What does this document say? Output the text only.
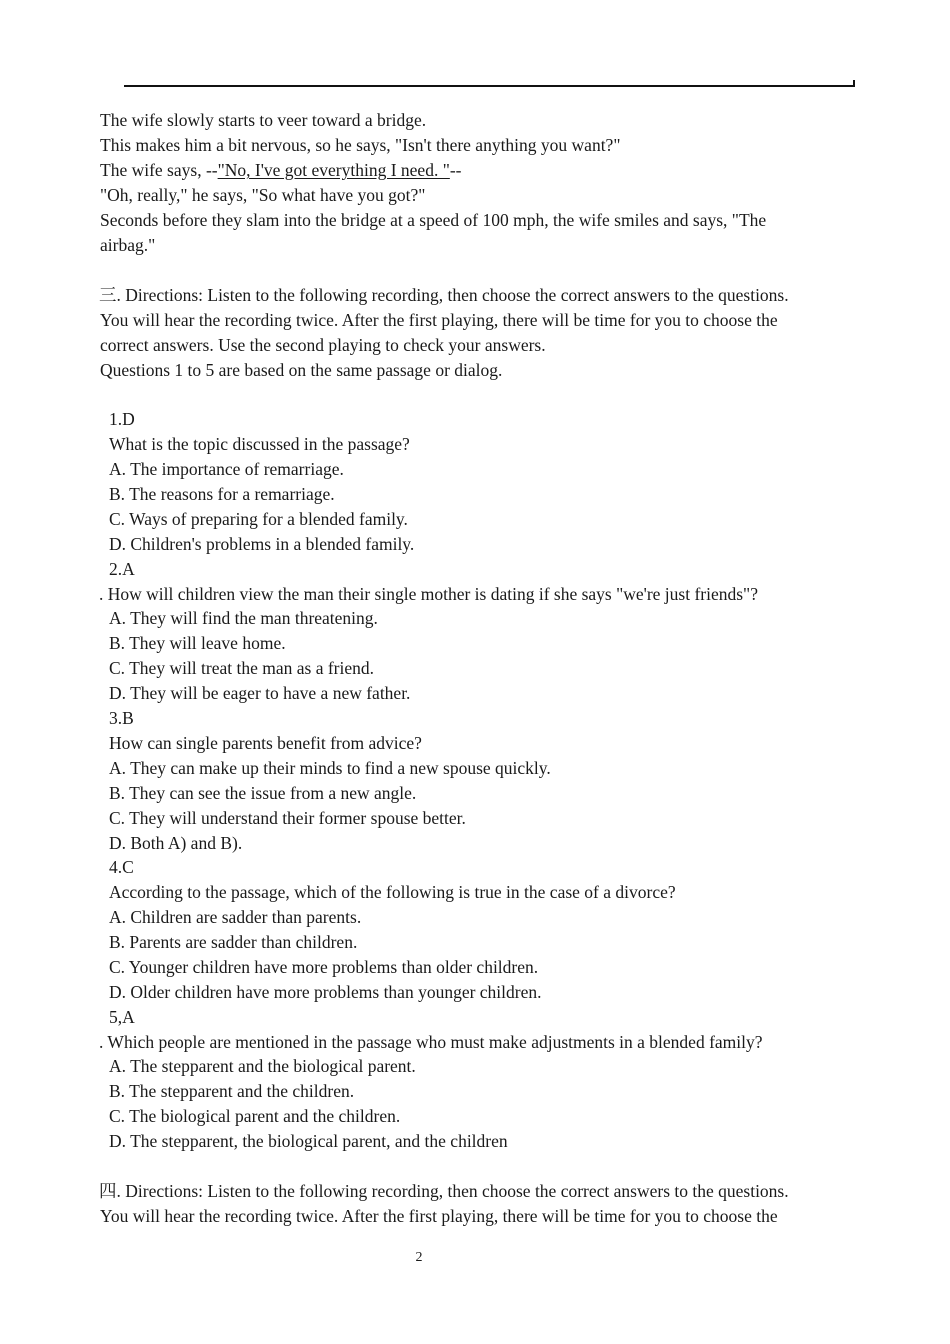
The wife slowly starts to veer toward a bridge.
This makes him a bit nervous, so he says, "Isn't there anything you want?"
The wife says, --"No, I've got everything I need. "--
"Oh, really," he says, "So what have you got?"
Seconds before they slam into the bridge at a speed of 100 mph, the wife smiles and says, "The
airbag."
三. Directions: Listen to the following recording, then choose the correct answers to the questions.
You will hear the recording twice. After the first playing, there will be time for you to choose the
correct answers. Use the second playing to check your answers.
Questions 1 to 5 are based on the same passage or dialog.
1.D
What is the topic discussed in the passage?
A. The importance of remarriage.
B. The reasons for a remarriage.
C. Ways of preparing for a blended family.
D. Children's problems in a blended family.
2.A
. How will children view the man their single mother is dating if she says "we're just friends"?
A. They will find the man threatening.
B. They will leave home.
C. They will treat the man as a friend.
D. They will be eager to have a new father.
3.B
How can single parents benefit from advice?
A. They can make up their minds to find a new spouse quickly.
B. They can see the issue from a new angle.
C. They will understand their former spouse better.
D. Both A) and B).
4.C
According to the passage, which of the following is true in the case of a divorce?
A. Children are sadder than parents.
B. Parents are sadder than children.
C. Younger children have more problems than older children.
D. Older children have more problems than younger children.
5,A
. Which people are mentioned in the passage who must make adjustments in a blended family?
A. The stepparent and the biological parent.
B. The stepparent and the children.
C. The biological parent and the children.
D. The stepparent, the biological parent, and the children
四. Directions: Listen to the following recording, then choose the correct answers to the questions.
You will hear the recording twice. After the first playing, there will be time for you to choose the
2
